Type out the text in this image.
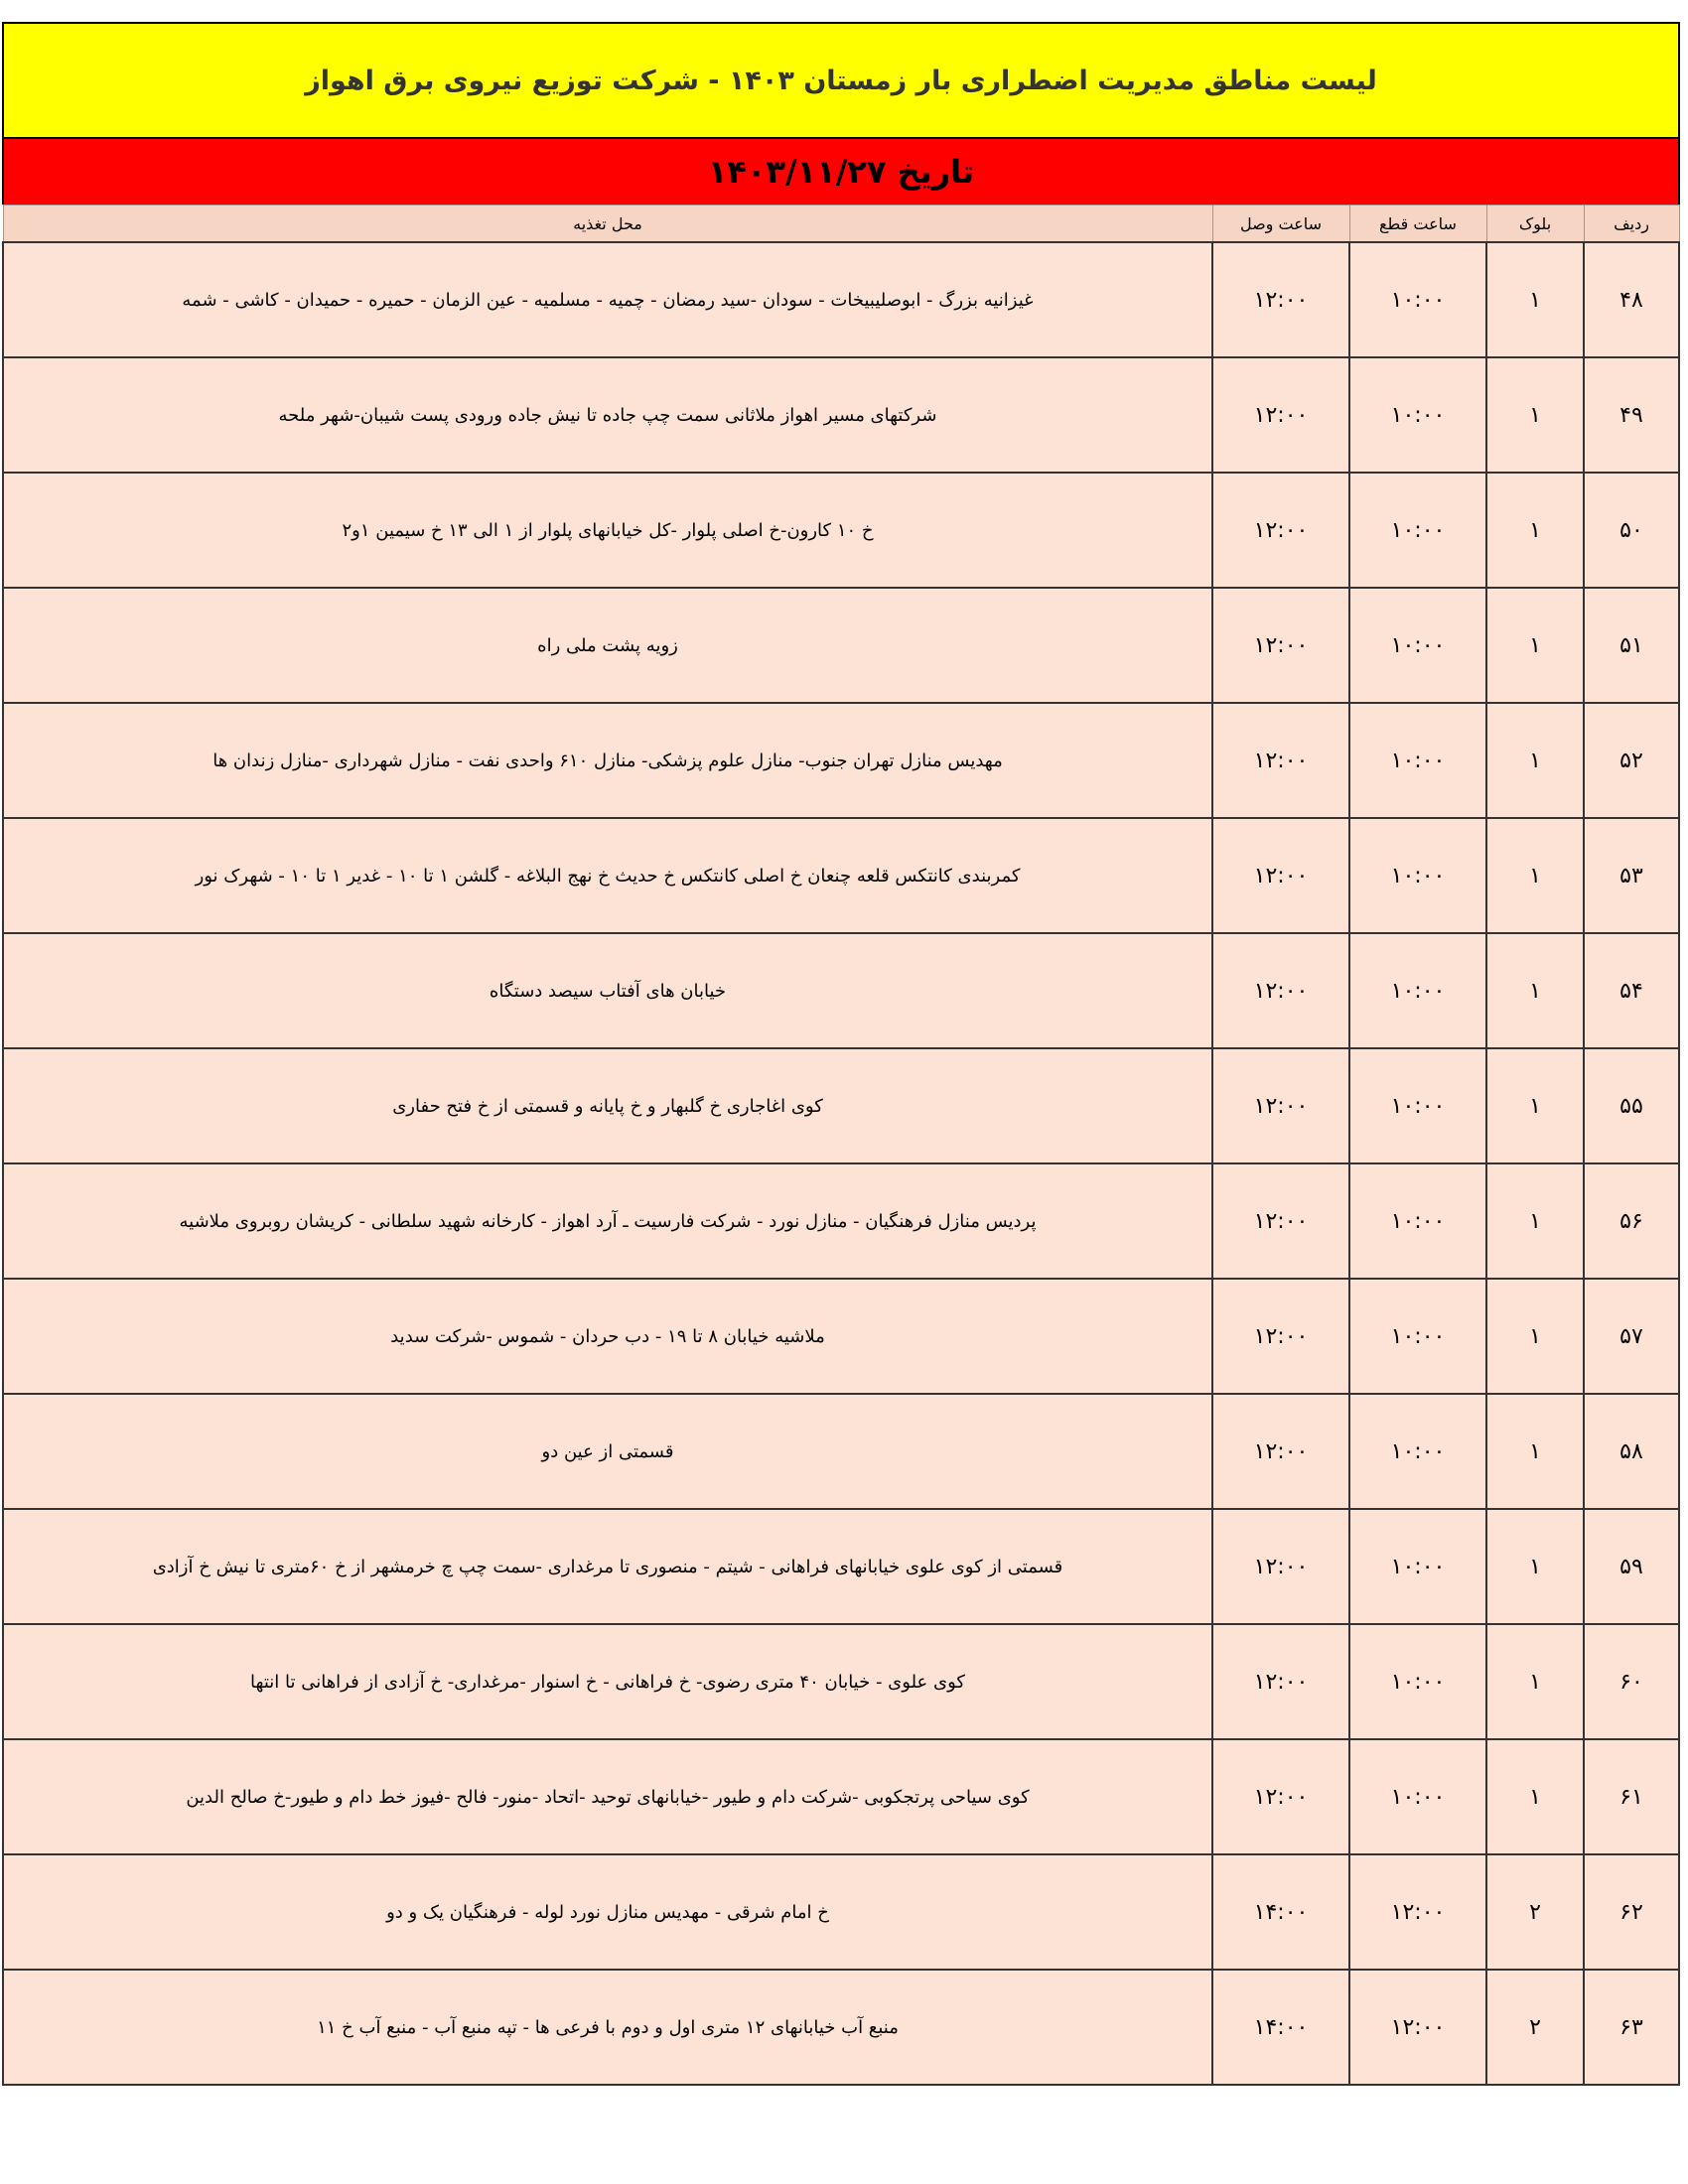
لیست مناطق مدیریت اضطراری بار زمستان ۱۴۰۳ - شرکت توزیع نیروی برق اهواز
تاریخ ۱۴۰۳/۱۱/۲۷
ردیف	بلوک	ساعت قطع	ساعت وصل	محل تغذیه
۴۸	۱	۱۰:۰۰	۱۲:۰۰	غیزانیه بزرگ - ابوصلیبیخات - سودان -سید رمضان - چمیه - مسلمیه - عین الزمان - حمیره - حمیدان - کاشی - شمه
۴۹	۱	۱۰:۰۰	۱۲:۰۰	شرکتهای مسیر اهواز ملاثانی سمت چپ جاده تا نیش جاده ورودی پست شیبان-شهر ملحه
۵۰	۱	۱۰:۰۰	۱۲:۰۰	خ ۱۰ کارون-خ اصلی پلوار -کل خیابانهای پلوار از ۱ الی ۱۳ خ سیمین ۱و۲
۵۱	۱	۱۰:۰۰	۱۲:۰۰	زویه پشت ملی راه
۵۲	۱	۱۰:۰۰	۱۲:۰۰	مهدیس منازل تهران جنوب- منازل علوم پزشکی- منازل ۶۱۰ واحدی نفت - منازل شهرداری -منازل زندان ها
۵۳	۱	۱۰:۰۰	۱۲:۰۰	کمربندی کانتکس قلعه چنعان خ اصلی کانتکس خ حدیث خ نهج البلاغه - گلشن ۱ تا ۱۰ - غدیر ۱ تا ۱۰ - شهرک نور
۵۴	۱	۱۰:۰۰	۱۲:۰۰	خیابان های آفتاب سیصد دستگاه
۵۵	۱	۱۰:۰۰	۱۲:۰۰	کوی اغاجاری خ گلبهار و خ پایانه و قسمتی از خ فتح حفاری
۵۶	۱	۱۰:۰۰	۱۲:۰۰	پردیس منازل فرهنگیان - منازل نورد - شرکت فارسیت ـ آرد اهواز - کارخانه شهید سلطانی - کریشان روبروی ملاشیه
۵۷	۱	۱۰:۰۰	۱۲:۰۰	ملاشیه خیابان ۸ تا ۱۹ - دب حردان - شموس -شرکت سدید
۵۸	۱	۱۰:۰۰	۱۲:۰۰	قسمتی از عین دو
۵۹	۱	۱۰:۰۰	۱۲:۰۰	قسمتی از کوی علوی خیابانهای فراهانی - شیتم - منصوری تا مرغداری -سمت چپ چ خرمشهر از خ ۶۰متری تا نیش خ آزادی
۶۰	۱	۱۰:۰۰	۱۲:۰۰	کوی علوی - خیابان ۴۰ متری رضوی- خ فراهانی - خ اسنوار -مرغداری- خ آزادی از فراهانی تا انتها
۶۱	۱	۱۰:۰۰	۱۲:۰۰	کوی سیاحی پرتجکوبی -شرکت دام و طیور -خیابانهای توحید -اتحاد -منور- فالح -فیوز خط دام و طیور-خ صالح الدین
۶۲	۲	۱۲:۰۰	۱۴:۰۰	خ امام شرقی - مهدیس منازل نورد لوله - فرهنگیان یک و دو
۶۳	۲	۱۲:۰۰	۱۴:۰۰	منبع آب خیابانهای ۱۲ متری اول و دوم با فرعی ها - تپه منبع آب - منبع آب خ ۱۱
